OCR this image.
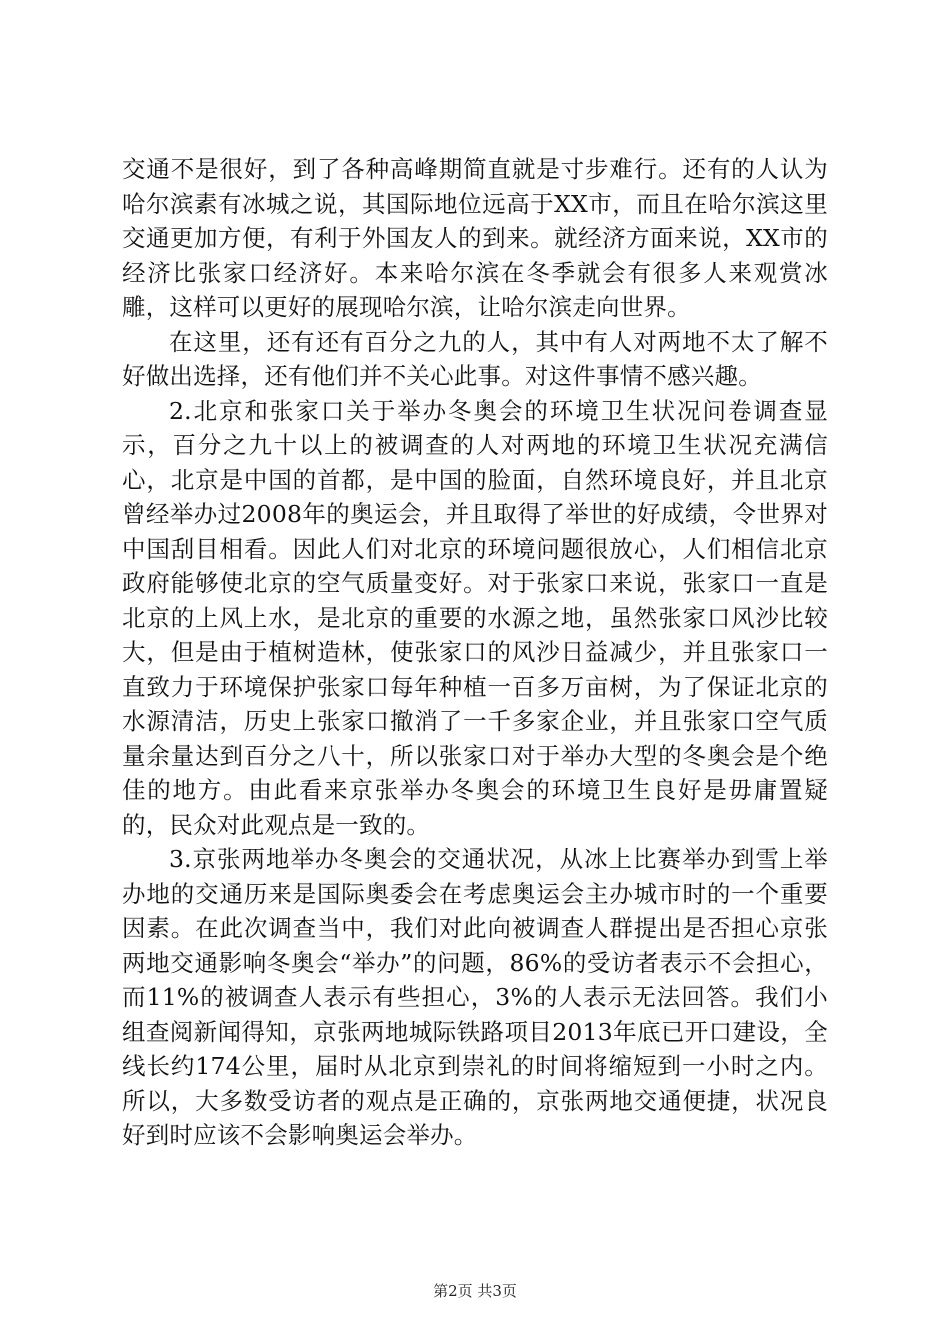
交通不是很好，到了各种高峰期简直就是寸步难行。还有的人认为哈尔滨素有冰城之说，其国际地位远高于XX市，而且在哈尔滨这里交通更加方便，有利于外国友人的到来。就经济方面来说，XX市的经济比张家口经济好。本来哈尔滨在冬季就会有很多人来观赏冰雕，这样可以更好的展现哈尔滨，让哈尔滨走向世界。

在这里，还有还有百分之九的人，其中有人对两地不太了解不好做出选择，还有他们并不关心此事。对这件事情不感兴趣。

2.北京和张家口关于举办冬奥会的环境卫生状况问卷调查显示，百分之九十以上的被调查的人对两地的环境卫生状况充满信心，北京是中国的首都，是中国的脸面，自然环境良好，并且北京曾经举办过2008年的奥运会，并且取得了举世的好成绩，令世界对中国刮目相看。因此人们对北京的环境问题很放心，人们相信北京政府能够使北京的空气质量变好。对于张家口来说，张家口一直是北京的上风上水，是北京的重要的水源之地，虽然张家口风沙比较大，但是由于植树造林，使张家口的风沙日益减少，并且张家口一直致力于环境保护张家口每年种植一百多万亩树，为了保证北京的水源清洁，历史上张家口撤消了一千多家企业，并且张家口空气质量余量达到百分之八十，所以张家口对于举办大型的冬奥会是个绝佳的地方。由此看来京张举办冬奥会的环境卫生良好是毋庸置疑的，民众对此观点是一致的。

3.京张两地举办冬奥会的交通状况，从冰上比赛举办到雪上举办地的交通历来是国际奥委会在考虑奥运会主办城市时的一个重要因素。在此次调查当中，我们对此向被调查人群提出是否担心京张两地交通影响冬奥会“举办”的问题，86%的受访者表示不会担心，而11%的被调查人表示有些担心，3%的人表示无法回答。我们小组查阅新闻得知，京张两地城际铁路项目2013年底已开口建设，全线长约174公里，届时从北京到崇礼的时间将缩短到一小时之内。所以，大多数受访者的观点是正确的，京张两地交通便捷，状况良好到时应该不会影响奥运会举办。

第2页 共3页
